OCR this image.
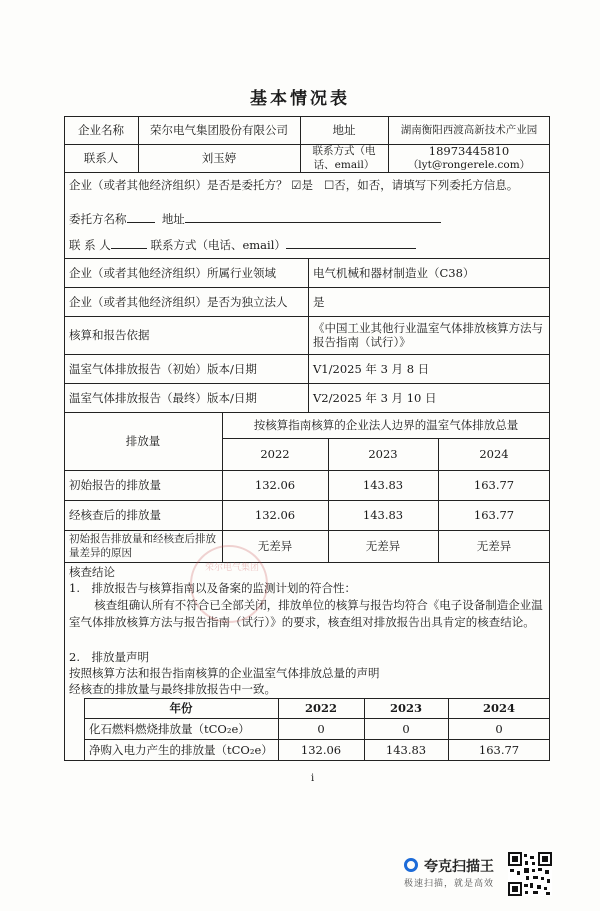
基本情况表
企业名称	荣尔电气集团股份有限公司	地址	湖南衡阳西渡高新技术产业园
联系人	刘玉婷	联系方式（电话、email）
18973445810
（lyt@rongerele.com）
企业（或者其他经济组织）是否是委托方？ ☑是 ☐否，如否，请填写下列委托方信息。
委托方名称	地址
联 系 人	联系方式（电话、email）
企业（或者其他经济组织）所属行业领域	电气机械和器材制造业（C38）
企业（或者其他经济组织）是否为独立法人	是
核算和报告依据	《中国工业其他行业温室气体排放核算方法与报告指南（试行）》
温室气体排放报告（初始）版本/日期	V1/2025 年 3 月 8 日
温室气体排放报告（最终）版本/日期	V2/2025 年 3 月 10 日
排放量
按核算指南核算的企业法人边界的温室气体排放总量
2022	2023	2024
初始报告的排放量	132.06	143.83	163.77
经核查后的排放量	132.06	143.83	163.77
初始报告排放量和经核查后排放量差异的原因	无差异	无差异	无差异
核查结论
1.　排放报告与核算指南以及备案的监测计划的符合性：
核查组确认所有不符合已全部关闭，排放单位的核算与报告均符合《电子设备制造企业温室气体排放核算方法与报告指南（试行）》的要求，核查组对排放报告出具肯定的核查结论。
2.　排放量声明
按照核算方法和报告指南核算的企业温室气体排放总量的声明
经核查的排放量与最终排放报告中一致。
年份	2022	2023	2024
化石燃料燃烧排放量（tCO₂e）	0	0	0
净购入电力产生的排放量（tCO₂e）	132.06	143.83	163.77
荣尔电气集团
i
夸克扫描王
极速扫描，就是高效
